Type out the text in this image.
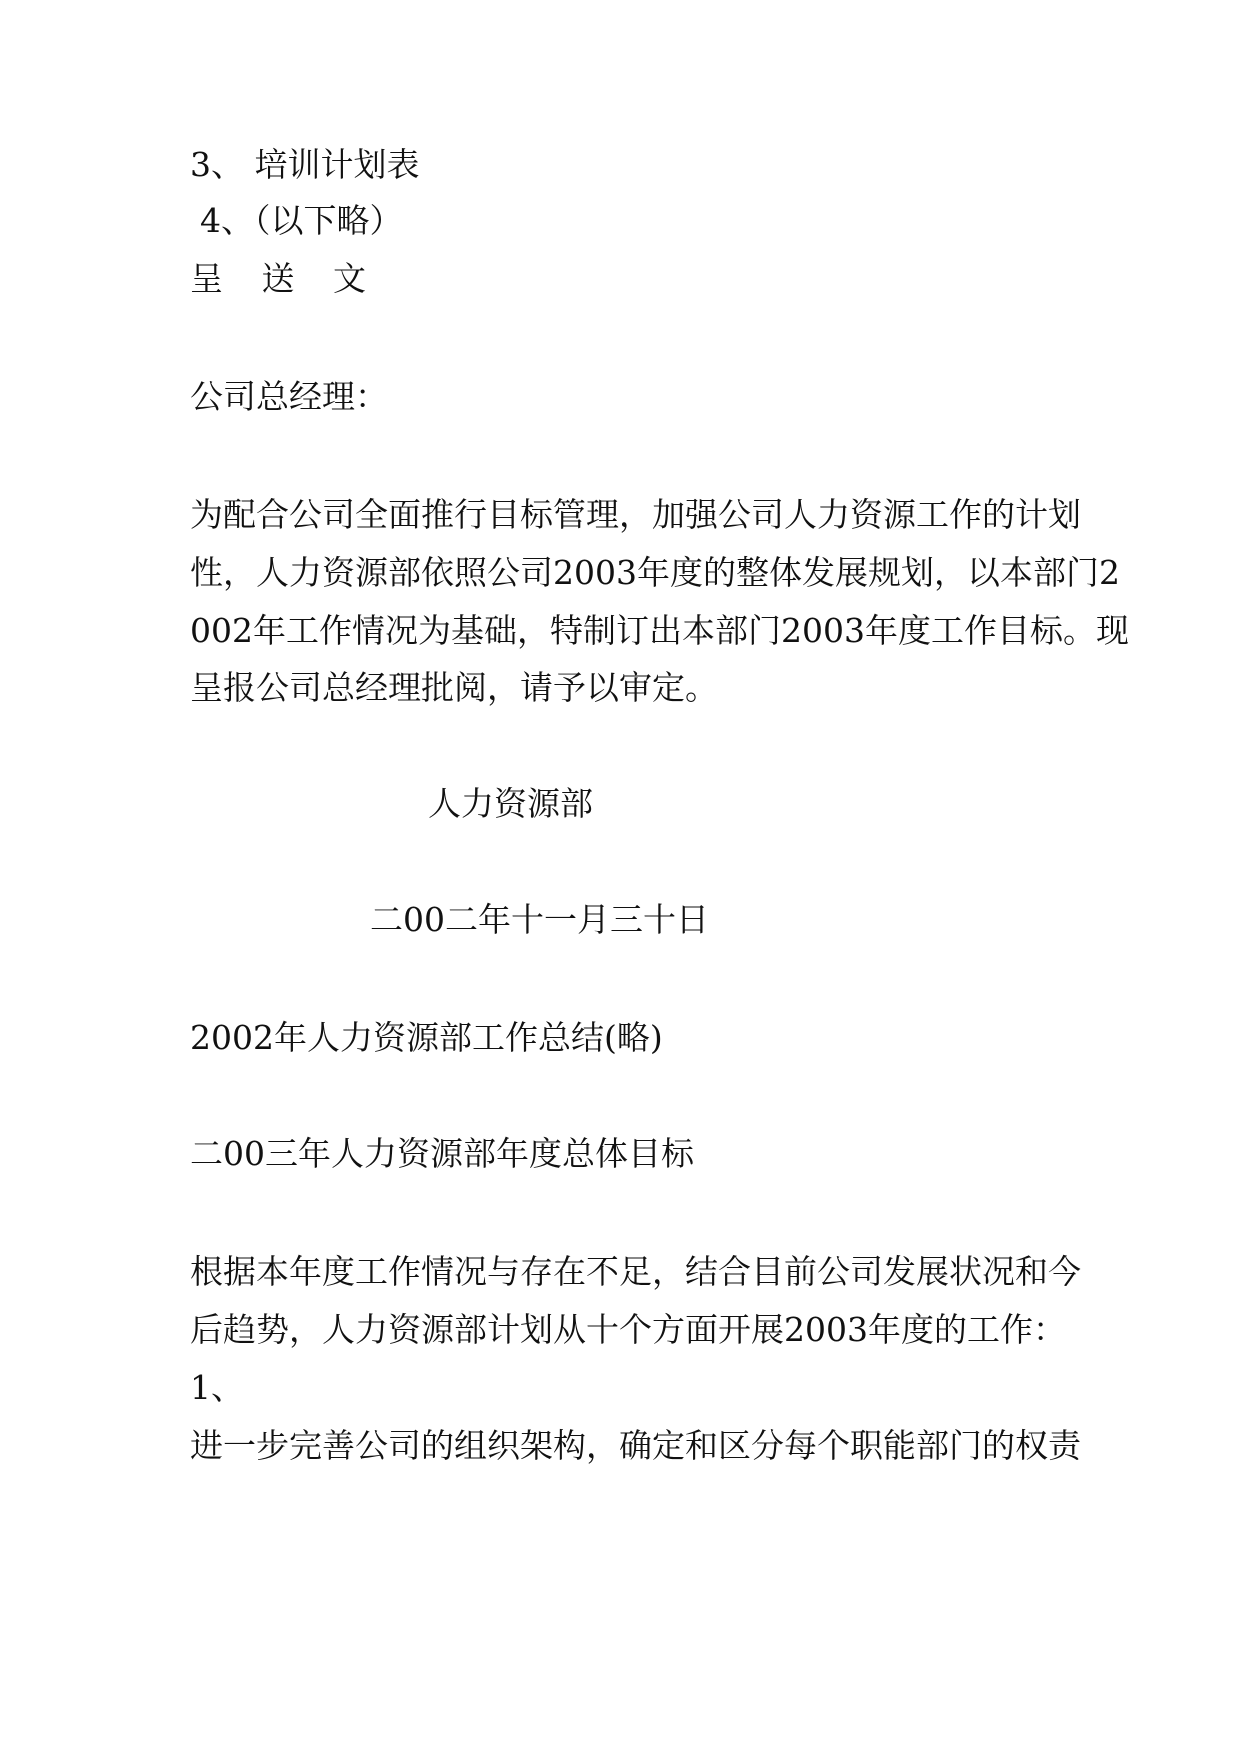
3、 培训计划表
4、（以下略）
呈 送 文
公司总经理：
为配合公司全面推行目标管理，加强公司人力资源工作的计划
性，人力资源部依照公司2003年度的整体发展规划，以本部门2
002年工作情况为基础，特制订出本部门2003年度工作目标。现
呈报公司总经理批阅，请予以审定。
人力资源部
二00二年十一月三十日
2002年人力资源部工作总结(略)
二00三年人力资源部年度总体目标
根据本年度工作情况与存在不足，结合目前公司发展状况和今
后趋势，人力资源部计划从十个方面开展2003年度的工作：
1、
进一步完善公司的组织架构，确定和区分每个职能部门的权责
